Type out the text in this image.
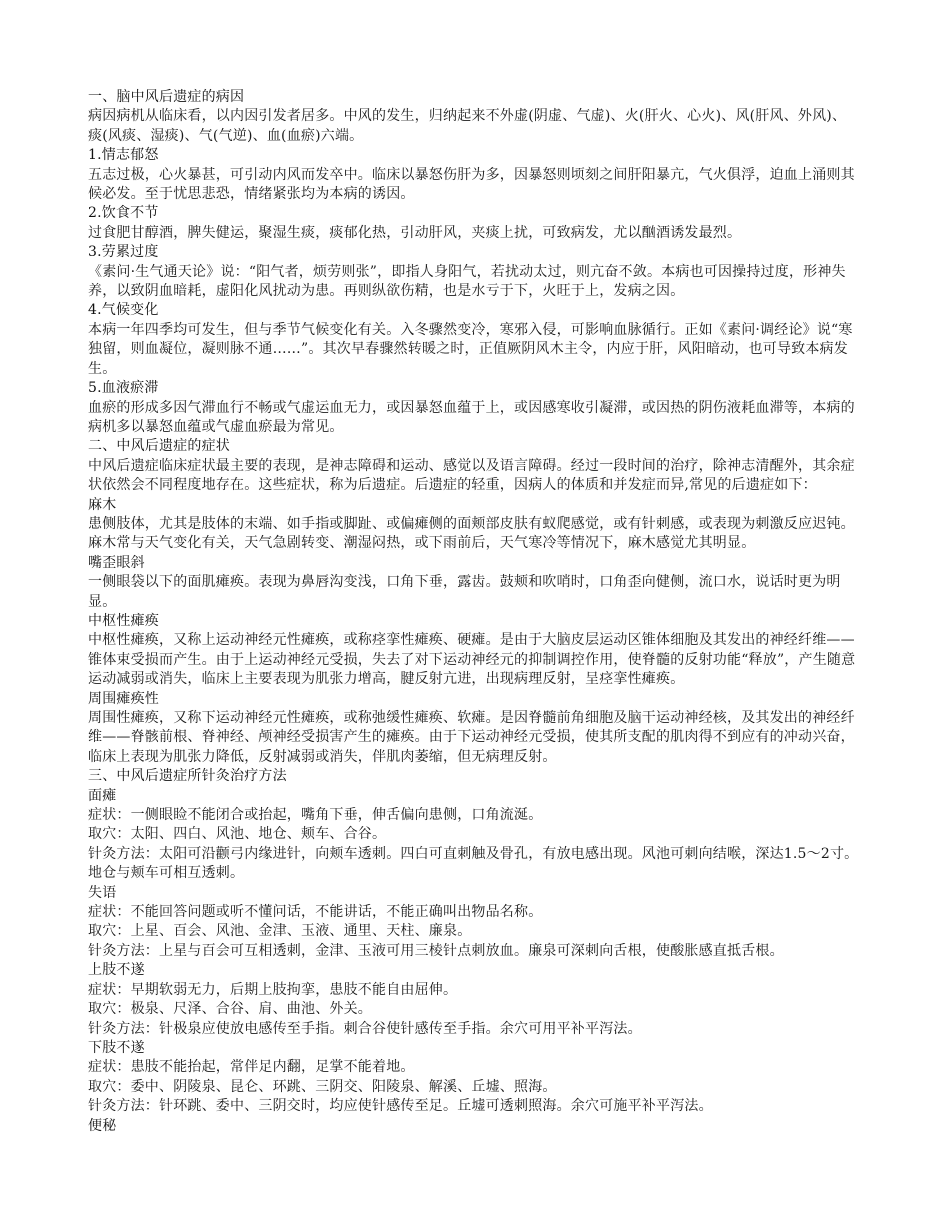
一、脑中风后遗症的病因
病因病机从临床看，以内因引发者居多。中风的发生，归纳起来不外虚(阴虚、气虚)、火(肝火、心火)、风(肝风、外风)、痰(风痰、湿痰)、气(气逆)、血(血瘀)六端。
1.情志郁怒
五志过极，心火暴甚，可引动内风而发卒中。临床以暴怒伤肝为多，因暴怒则顷刻之间肝阳暴亢，气火俱浮，迫血上涌则其候必发。至于忧思悲恐，情绪紧张均为本病的诱因。
2.饮食不节
过食肥甘醇酒，脾失健运，聚湿生痰，痰郁化热，引动肝风，夹痰上扰，可致病发，尤以酗酒诱发最烈。
3.劳累过度
《素问·生气通天论》说：“阳气者，烦劳则张”，即指人身阳气，若扰动太过，则亢奋不敛。本病也可因操持过度，形神失养，以致阴血暗耗，虚阳化风扰动为患。再则纵欲伤精，也是水亏于下，火旺于上，发病之因。
4.气候变化
本病一年四季均可发生，但与季节气候变化有关。入冬骤然变冷，寒邪入侵，可影响血脉循行。正如《素问·调经论》说“寒独留，则血凝位，凝则脉不通……”。其次早春骤然转暖之时，正值厥阴风木主令，内应于肝，风阳暗动，也可导致本病发生。
5.血液瘀滞
血瘀的形成多因气滞血行不畅或气虚运血无力，或因暴怒血蕴于上，或因感寒收引凝滞，或因热的阴伤液耗血滞等，本病的病机多以暴怒血蕴或气虚血瘀最为常见。
二、中风后遗症的症状
中风后遗症临床症状最主要的表现，是神志障碍和运动、感觉以及语言障碍。经过一段时间的治疗，除神志清醒外，其余症状依然会不同程度地存在。这些症状，称为后遗症。后遗症的轻重，因病人的体质和并发症而异,常见的后遗症如下：
麻木
患侧肢体，尤其是肢体的末端、如手指或脚趾、或偏瘫侧的面颊部皮肤有蚁爬感觉，或有针刺感，或表现为刺激反应迟钝。麻木常与天气变化有关，天气急剧转变、潮湿闷热，或下雨前后，天气寒冷等情况下，麻木感觉尤其明显。
嘴歪眼斜
一侧眼袋以下的面肌瘫痪。表现为鼻唇沟变浅，口角下垂，露齿。鼓颊和吹哨时，口角歪向健侧，流口水，说话时更为明显。
中枢性瘫痪
中枢性瘫痪，又称上运动神经元性瘫痪，或称痉挛性瘫痪、硬瘫。是由于大脑皮层运动区锥体细胞及其发出的神经纤维——锥体束受损而产生。由于上运动神经元受损，失去了对下运动神经元的抑制调控作用，使脊髓的反射功能“释放”，产生随意运动减弱或消失，临床上主要表现为肌张力增高，腱反射亢进，出现病理反射，呈痉挛性瘫痪。
周围瘫痪性
周围性瘫痪，又称下运动神经元性瘫痪，或称弛缓性瘫痪、软瘫。是因脊髓前角细胞及脑干运动神经核，及其发出的神经纤维——脊骸前根、脊神经、颅神经受损害产生的瘫痪。由于下运动神经元受损，使其所支配的肌肉得不到应有的冲动兴奋，临床上表现为肌张力降低，反射减弱或消失，伴肌肉萎缩，但无病理反射。
三、中风后遗症所针灸治疗方法
面瘫
症状：一侧眼睑不能闭合或抬起，嘴角下垂，伸舌偏向患侧，口角流涎。
取穴：太阳、四白、风池、地仓、颊车、合谷。
针灸方法：太阳可沿颧弓内缘进针，向颊车透刺。四白可直刺触及骨孔，有放电感出现。风池可刺向结喉，深达1.5～2寸。地仓与颊车可相互透刺。
失语
症状：不能回答问题或听不懂问话，不能讲话，不能正确叫出物品名称。
取穴：上星、百会、风池、金津、玉液、通里、天柱、廉泉。
针灸方法：上星与百会可互相透刺，金津、玉液可用三棱针点刺放血。廉泉可深刺向舌根，使酸胀感直抵舌根。
上肢不遂
症状：早期软弱无力，后期上肢拘挛，患肢不能自由屈伸。
取穴：极泉、尺泽、合谷、肩、曲池、外关。
针灸方法：针极泉应使放电感传至手指。刺合谷使针感传至手指。余穴可用平补平泻法。
下肢不遂
症状：患肢不能抬起，常伴足内翻，足掌不能着地。
取穴：委中、阴陵泉、昆仑、环跳、三阴交、阳陵泉、解溪、丘墟、照海。
针灸方法：针环跳、委中、三阴交时，均应使针感传至足。丘墟可透刺照海。余穴可施平补平泻法。
便秘
